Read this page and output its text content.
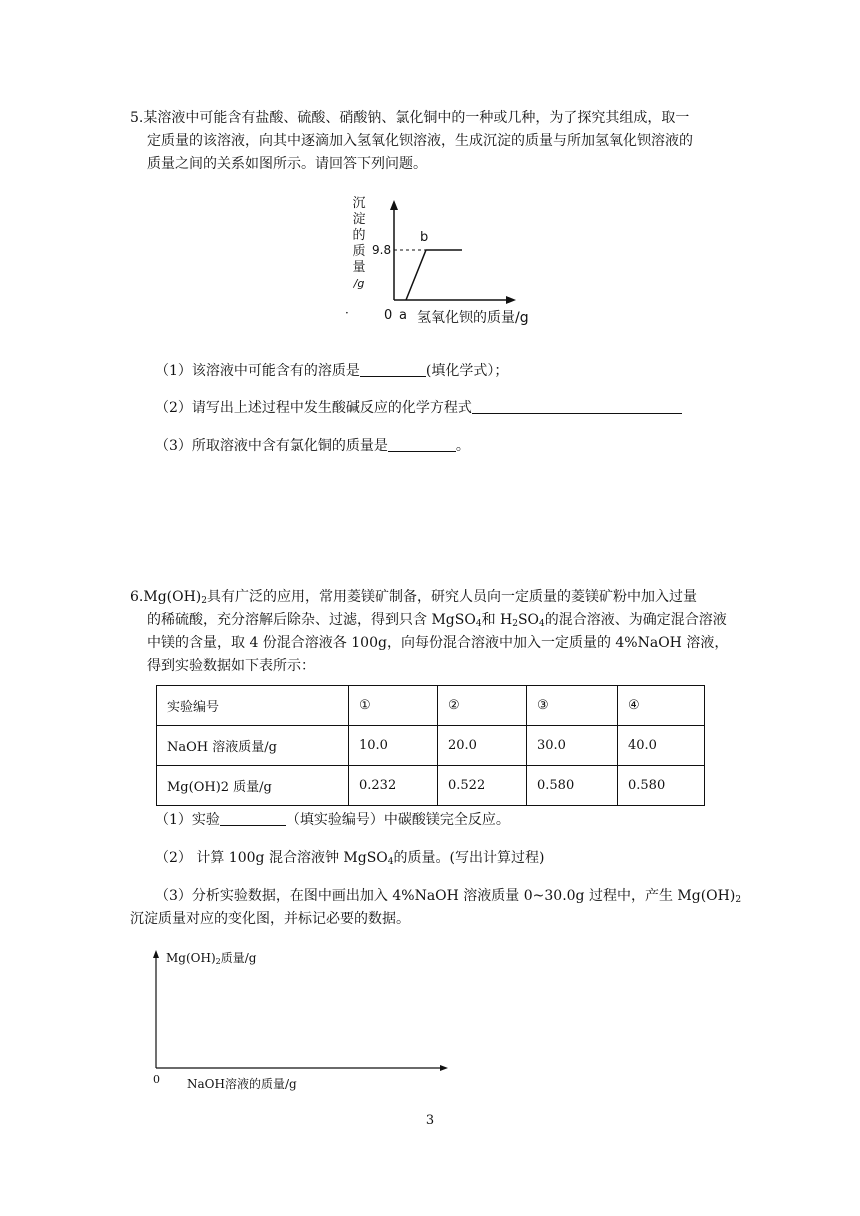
5.某溶液中可能含有盐酸、硫酸、硝酸钠、氯化铜中的一种或几种，为了探究其组成，取一
定质量的该溶液，向其中逐滴加入氢氧化钡溶液，生成沉淀的质量与所加氢氧化钡溶液的
质量之间的关系如图所示。请回答下列问题。
沉
淀
的
质
量
/g
9.8
b
0 a 氢氧化钡的质量/g
·
（1）该溶液中可能含有的溶质是	(填化学式）；
（2）请写出上述过程中发生酸碱反应的化学方程式
（3）所取溶液中含有氯化铜的质量是	。
$6.Mg(OH)_2$具有广泛的应用，常用菱镁矿制备，研究人员向一定质量的菱镁矿粉中加入过量
的稀硫酸，充分溶解后除杂、过滤，得到只含 MgSO$_4$和 $H_2SO_4$的混合溶液、为确定混合溶液
中镁的含量，取 4 份混合溶液各 100g，向每份混合溶液中加入一定质量的 4%NaOH 溶液，
得到实验数据如下表所示：
实验编号	①	②	③	④
NaOH 溶液质量/g	10.0	20.0	30.0	40.0
Mg(OH)2 质量/g	0.232	0.522	0.580	0.580
（1）实验	（填实验编号）中碳酸镁完全反应。
（2） 计算 100g 混合溶液钟 MgSO$_4$的质量。(写出计算过程)
（3）分析实验数据，在图中画出加入 4%NaOH 溶液质量 0~30.0g 过程中，产生 $Mg(OH)_2$
沉淀质量对应的变化图，并标记必要的数据。
$Mg(OH)_2$质量/g
0 NaOH溶液的质量/g
3
